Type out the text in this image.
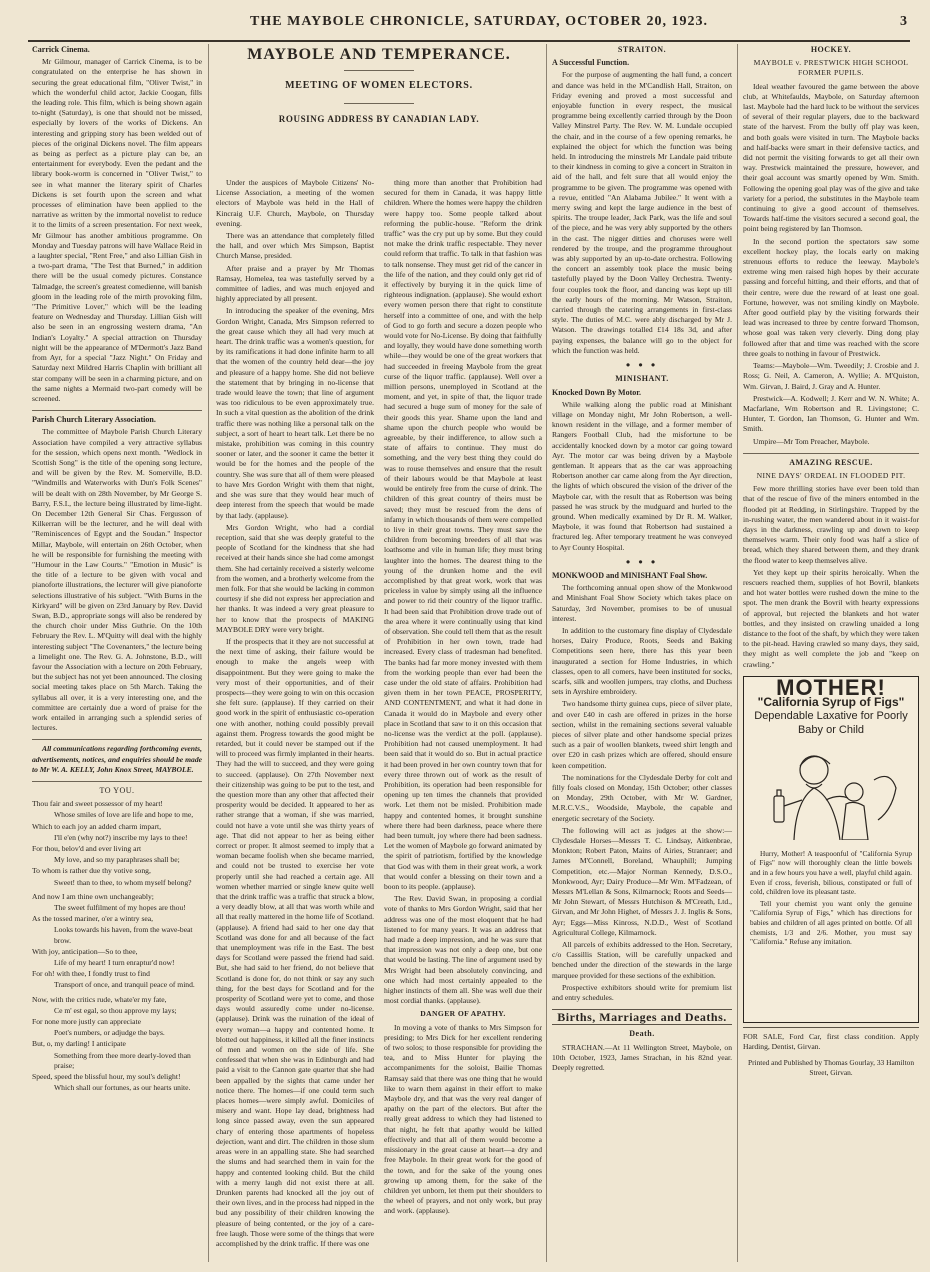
THE MAYBOLE CHRONICLE, SATURDAY, OCTOBER 20, 1923.	3
Carrick Cinema.

Mr Gilmour, manager of Carrick Cinema, is to be congratulated on the enterprise he has shown in securing the great educational film, "Oliver Twist," in which the wonderful child actor, Jackie Coogan, fills the leading role. This film, which is being shown again to-night (Saturday), is one that should not be missed, especially by lovers of the works of Dickens. An interesting and gripping story has been welded out of pieces of the original Dickens novel. The film appears as being as perfect as a picture play can be, an entertainment for everybody. Even the pedant and the library book-worm is concerned in "Oliver Twist," to see in what manner the literary spirit of Charles Dickens is set fourth upon the screen and what processes of elimination have been applied to the narrative as written by the immortal novelist to reduce it to the limits of a screen presentation. For next week, Mr Gilmour has another ambitious programme. On Monday and Tuesday patrons will have Wallace Reid in a laughter special, "Rent Free," and also Lillian Gish in a two-part drama, "The Test that Burned," in addition there will be the usual comedy pictures. Constance Talmadge, the screen's greatest comedienne, will banish gloom in the leading role of the mirth provoking film, "The Primitive Lover," which will be the leading feature on Wednesday and Thursday. Lillian Gish will also be seen in an engrossing western drama, "An Indian's Loyalty." A special attraction on Thursday night will be the appearance of M'Dermott's Jazz Band from Ayr, for a special "Jazz Night." On Friday and Saturday next Mildred Harris Chaplin with brilliant all star company will be seen in a charming picture, and on the same nights a Mermaid two-part comedy will be screened.

Parish Church Literary Association.

The committee of Maybole Parish Church Literary Association have compiled a very attractive syllabus for the session, which opens next month. "Wedlock in Scottish Song" is the title of the opening song lecture, and will be given by the Rev. M. Somerville, B.D. "Windmills and Waterworks with Dun's Folk Scenes" will be dealt with on 28th November, by Mr George S. Barry, F.S.I., the lecture being illustrated by lime-light. On December 12th General Sir Chas. Fergusson of Kilkerran will be the lecturer, and he will deal with "Reminiscences of Egypt and the Soudan." Inspector Millar, Maybole, will entertain on 26th October, when he will be responsible for furnishing the meeting with "Humour in the Law Courts." "Emotion in Music" is the title of a lecture to be given with vocal and pianoforte illustrations, the lecturer will give pianoforte selections illustrative of his subject. "With Burns in the Kirkyard" will be given on 23rd January by Rev. David Swan, B.D., appropriate songs will also be rendered by the church choir under Miss Guthrie. On the 10th February the Rev. L. M'Quitty will deal with the highly interesting subject "The Covenanters," the lecture being a limelight one. The Rev. G. A. Johnstone, B.D., will favour the Association with a lecture on 20th February, but the subject has not yet been announced. The closing social meeting takes place on 5th March. Taking the syllabus all over, it is a very interesting one, and the committee are certainly due a word of praise for the work entailed in arranging such a splendid series of lectures.

All communications regarding forthcoming events, advertisements, notices, and enquiries should be made to Mr W. A. KELLY, John Knox Street, MAYBOLE.

TO YOU.

Thou fair and sweet possessor of my heart!

Whose smiles of love are life and hope to me,

Which to each joy an added charm impart,

I'll e'en (why not?) inscribe my lays to thee!

For thou, belov'd and ever living art

My love, and so my paraphrases shall be;

To whom is rather due thy votive song,

Sweet! than to thee, to whom myself belong?

And now I am thine own unchangeably;

The sweet fulfilment of my hopes are thou!

As the tossed mariner, o'er a wintry sea,

Looks towards his haven, from the wave-beat brow.

With joy, anticipation—So to thee,

Life of my heart! I turn enraptur'd now!

For oh! with thee, I fondly trust to find

Transport of once, and tranquil peace of mind.

Now, with the critics rude, whate'er my fate,

Ce m' est egal, so thou approve my lays;

For none more justly can appreciate

Poet's numbers, or adjudge the bays.

But, o, my darling! I anticipate

Something from thee more dearly-loved than praise;

Speed, speed the blissful hour, my soul's delight!

Which shall our fortunes, as our hearts unite.

MAYBOLE AND TEMPERANCE.
MEETING OF WOMEN ELECTORS.
ROUSING ADDRESS BY CANADIAN LADY.

Under the auspices of Maybole Citizens' No-License Association, a meeting of the women electors of Maybole was held in the Hall of Kincraig U.F. Church, Maybole, on Thursday evening.

There was an attendance that completely filled the hall, and over which Mrs Simpson, Baptist Church Manse, presided.

After praise and a prayer by Mr Thomas Ramsay, Homelea, tea was tastefully served by a committee of ladies, and was much enjoyed and highly appreciated by all present.

In introducing the speaker of the evening, Mrs Gordon Wright, Canada, Mrs Simpson referred to the great cause which they all had very much at heart. The drink traffic was a women's question, for by its ramifications it had done infinite harm to all that the women of the country held dear—the joy and pleasure of a happy home. She did not believe the statement that by bringing in no-license that trade would leave the town; that line of argument was too ridiculous to be even approximately true. In such a vital question as the abolition of the drink traffic there was nothing like a personal talk on the subject, a sort of heart to heart talk. Let there be no mistake, prohibition was coming in this country sooner or later, and the sooner it came the better it would be for the homes and the people of the country. She was sure that all of them were pleased to have Mrs Gordon Wright with them that night, and she was sure that they would hear much of deep interest from the speech that would be made by that lady. (applause).

Mrs Gordon Wright, who had a cordial reception, said that she was deeply grateful to the people of Scotland for the kindness that she had received at their hands since she had come amongst them. She had certainly received a sisterly welcome from the women, and a brotherly welcome from the men folk. For that she would be lacking in common courtesy if she did not express her appreciation and her thanks. It was indeed a very great pleasure to her to know that the prospects of MAKING MAYBOLE DRY were very bright.

If the prospects that it they are not successful at the next time of asking, their failure would be enough to make the angels weep with disappointment. But they were going to make the very most of their opportunities, and of their prospects—they were going to win on this occasion she felt sure. (applause). If they carried on their good work in the spirit of enthusiastic co-operation one with another, nothing could possibly prevail against them. Progress towards the good might be retarded, but it could never be stamped out if the will to proceed was firmly implanted in their hearts. They had the will to succeed, and they were going to succeed. (applause). On 27th November next their citizenship was going to be put to the test, and the question more than any other that affected their prosperity would be decided. It appeared to her as rather strange that a woman, if she was married, could not have a vote until she was thirty years of age. That did not appear to her as being either correct or proper. It almost seemed to imply that a woman became foolish when she became married, and could not be trusted to exercise her vote properly until she had reached a certain age. All women whether married or single knew quite well that the drink traffic was a traffic that struck a blow, a very deadly blow, at all that was worth while and all that really mattered in the home life of Scotland. (applause). A friend had said to her one day that Scotland was done for and all because of the fact that unemployment was rife in the East. The best days for Scotland were passed the friend had said. But, she had said to her friend, do not believe that Scotland is done for, do not think or say any such thing, for the best days for Scotland and for the prosperity of Scotland were yet to come, and those days would assuredly come under no-license. (applause). Drink was the ruination of the ideal of every woman—a happy and contented home. It blotted out happiness, it killed all the finer instincts of men and women on the side of life. She confessed that when she was in Edinburgh and had paid a visit to the Cannon gate quarter that she had been appalled by the sights that came under her notice there. The homes—if one could term such places homes—were simply awful. Domiciles of misery and want. Hope lay dead, brightness had long since passed away, even the sun appeared chary of entering those apartments of hopeless dejection, want and dirt. The children in those slum areas were in an appalling state. She had searched the slums and had searched them in vain for the happy and contented looking child. But the child with a merry laugh did not exist there at all. Drunken parents had knocked all the joy out of their own lives, and in the process had nipped in the bud any possibility of their children knowing the pleasure of being contented, or the joy of a care-free laugh. Those were some of the things that were accomplished by the drink traffic. If there was one

thing more than another that Prohibition had secured for them in Canada, it was happy little children. Where the homes were happy the children were happy too. Some people talked about reforming the public-house. "Reform the drink traffic" was the cry put up by some. But they could not make the drink traffic respectable. They never could reform that traffic. To talk in that fashion was to talk nonsense. They must get rid of the cancer in the life of the nation, and they could only get rid of it effectively by burying it in the quick lime of righteous indignation. (applause). She would exhort every women person there that right to constitute herself into a committee of one, and with the help of God to go forth and secure a dozen people who would vote for No-License. By doing that faithfully and loyally, they would have done something worth while—they would be one of the great workers that had succeeded in freeing Maybole from the great curse of the liquor traffic. (applause). Well over a million persons, unemployed in Scotland at the moment, and yet, in spite of that, the liquor trade had secured a huge sum of money for the sale of their goods this year. Shame upon the land and shame upon the church people who would be agreeable, by their indifference, to allow such a state of affairs to continue. They must do something, and the very best thing they could do was to rouse themselves and ensure that the result of their labours would be that Maybole at least would be entirely free from the curse of drink. The children of this great country of theirs must be saved; they must be rescued from the dens of infamy in which thousands of them were compelled to live in their great towns. They must save the children from becoming breeders of all that was loathsome and vile in human life; they must bring laughter into the homes. The dearest thing to the young of the drunken home and the evil accomplished by that great work, work that was priceless in value by simply using all the influence and power to rid their country of the liquor traffic. It had been said that Prohibition drove trade out of the area where it were continually using that kind of observation. She could tell them that as the result of Prohibition in her own town, trade had increased. Every class of tradesman had benefited. The banks had far more money invested with them from the working people than ever had been the case under the old state of affairs. Prohibition had given them in her town PEACE, PROSPERITY, AND CONTENTMENT, and what it had done in Canada it would do in Maybole and every other place in Scotland that saw to it on this occasion that no-license was the verdict at the poll. (applause). Prohibition had not caused unemployment. It had been said that it would do so. But in actual practice it had been proved in her own country town that for every three thrown out of work as the result of Prohibition, its operation had been responsible for opening up ten times the channels that provided work. Let them not be misled. Prohibition made happy and contented homes, it brought sunshine where there had been darkness, peace where there had been tumult, joy where there had been sadness. Let the women of Maybole go forward animated by the spirit of patriotism, fortified by the knowledge that God was with them in their great work, a work that would confer a blessing on their town and a boon to its people. (applause).

The Rev. David Swan, in proposing a cordial vote of thanks to Mrs Gordon Wright, said that her address was one of the most eloquent that he had listened to for many years. It was an address that had made a deep impression, and he was sure that that impression was not only a deep one, but one that would be lasting. The line of argument used by Mrs Wright had been absolutely convincing, and one which had most certainly appealed to the higher instincts of them all. She was well due their most cordial thanks. (applause).

DANGER OF APATHY.

In moving a vote of thanks to Mrs Simpson for presiding; to Mrs Dick for her excellent rendering of two solos; to those responsible for providing the tea, and to Miss Hunter for playing the accompaniments for the soloist, Bailie Thomas Ramsay said that there was one thing that he would like to warn them against in their effort to make Maybole dry, and that was the very real danger of apathy on the part of the electors. But after the really great address to which they had listened to that night, he felt that apathy would be killed effectively and that all of them would become a missionary in the great cause at heart—a dry and free Maybole. In their great work for the good of the town, and for the sake of the young ones growing up among them, for the sake of the children yet unborn, let them put their shoulders to the wheel of prayers, and not only work, but pray and work. (applause).

STRAITON.
A Successful Function.

For the purpose of augmenting the hall fund, a concert and dance was held in the M'Candlish Hall, Straiton, on Friday evening and proved a most successful and enjoyable function in every respect, the musical programme being excellently carried through by the Doon Valley Minstrel Party. The Rev. W. M. Lundale occupied the chair, and in the course of a few opening remarks, he explained the object for which the function was being held. In introducing the minstrels Mr Landale paid tribute to their kindness in coming to give a concert in Straiton in aid of the hall, and felt sure that all would enjoy the programme to be given. The programme was opened with a revue, entitled "An Alabama Jubilee." It went with a merry swing and kept the large audience in the best of spirits. The troupe leader, Jack Park, was the life and soul of the piece, and he was very ably supported by the others in the cast. The nigger ditties and choruses were well rendered by the troupe, and the programme throughout was ably supported by an up-to-date orchestra. Following the concert an assembly took place the music being tastefully played by the Doon Valley Orchestra. Twenty-four couples took the floor, and dancing was kept up till the early hours of the morning. Mr Watson, Straiton, carried through the catering arrangements in first-class style. The duties of M.C. were ably discharged by Mr J. Watson. The drawings totalled £14 18s 3d, and after paying expenses, the balance will go to the object for which the function was held.

● ● ●
MINISHANT.
Knocked Down By Motor.

While walking along the public road at Minishant village on Monday night, Mr John Robertson, a well-known resident in the village, and a former member of Rangers Football Club, had the misfortune to be accidentally knocked down by a motor car going toward Ayr. The motor car was being driven by a Maybole gentleman. It appears that as the car was approaching Robertson another car came along from the Ayr direction, the lights of which obscured the vision of the driver of the Maybole car, with the result that as Robertson was being passed he was struck by the mudguard and hurled to the ground. When medically examined by Dr R. M. Walker, Maybole, it was found that Robertson had sustained a fractured leg. After temporary treatment he was conveyed to Ayr County Hospital.

● ● ●
MONKWOOD and MINISHANT Foal Show.

The forthcoming annual open show of the Monkwood and Minishant Foal Show Society which takes place on Saturday, 3rd November, promises to be of unusual interest.

In addition to the customary fine display of Clydesdale horses, Dairy Produce, Roots, Seeds and Baking Competitions seen here, there has this year been inaugurated a section for Home Industries, in which classes, open to all comers, have been instituted for socks, scarfs, silk and woollen jumpers, tray cloths, and Duchess sets in Ayrshire embroidery.

Two handsome thirty guinea cups, piece of silver plate, and over £40 in cash are offered in prizes in the horse section, whilst in the remaining sections several valuable pieces of silver plate and other handsome special prizes such as a pair of woollen blankets, tweed shirt length and over £20 in cash prizes which are offered, should ensure keen competition.

The nominations for the Clydesdale Derby for colt and filly foals closed on Monday, 15th October; other classes on Monday, 29th October, with Mr W. Gardner, M.R.C.V.S., Woodside, Maybole, the capable and energetic secretary of the Society.

The following will act as judges at the show:—Clydesdale Horses—Messrs T. C. Lindsay, Aitkenbrae, Monkton; Robert Paton, Mains of Airies, Stranraer; and James M'Connell, Boreland, Whauphill; Jumping Competition, etc.—Major Norman Kennedy, D.S.O., Monkwood, Ayr; Dairy Produce—Mr Wm. M'Fadzean, of Messrs M'Lellan & Sons, Kilmarnock; Roots and Seeds—Mr John Stewart, of Messrs Hutchison & M'Creath, Ltd., Girvan, and Mr John Highet, of Messrs J. J. Inglis & Sons, Ayr; Eggs—Miss Kinross, N.D.D., West of Scotland Agricultural College, Kilmarnock.

All parcels of exhibits addressed to the Hon. Secretary, c/o Cassillis Station, will be carefully unpacked and benched under the direction of the stewards in the large marquee provided for these sections of the exhibition.

Prospective exhibitors should write for premium list and entry schedules.

Births, Marriages and Deaths.
Death.

STRACHAN.—At 11 Wellington Street, Maybole, on 10th October, 1923, James Strachan, in his 82nd year. Deeply regretted.

HOCKEY.
MAYBOLE v. PRESTWICK HIGH SCHOOL FORMER PUPILS.

Ideal weather favoured the game between the above club, at Whitefaulds, Maybole, on Saturday afternoon last. Maybole had the hard luck to be without the services of several of their regular players, due to the backward state of the harvest. From the bully off play was keen, and both goals were visited in turn. The Maybole backs and half-backs were smart in their defensive tactics, and did not permit the visiting forwards to get all their own way. Prestwick maintained the pressure, however, and their goal account was smartly opened by Wm. Smith. Following the opening goal play was of the give and take variety for a period, the substitutes in the Maybole team continuing to give a good account of themselves. Towards half-time the visitors secured a second goal, the point being registered by Ian Thomson.

In the second portion the spectators saw some excellent hockey play, the locals early on making strenuous efforts to reduce the leeway. Maybole's extreme wing men raised high hopes by their accurate passing and forceful hitting, and their efforts, and that of their centre, were due the reward of at least one goal. Fortune, however, was not smiling kindly on Maybole. After good outfield play by the visiting forwards their lead was increased to three by centre forward Thomson, whose goal was taken very cleverly. Ding dong play followed after that and time was reached with the score three goals to nothing in favour of Prestwick.

Teams:—Maybole—Wm. Tweedily; J. Crosbie and J. Ross; G. Neil, A. Cameron, A. Wyllie; A. M'Quiston, Wm. Girvan, J. Baird, J. Gray and A. Hunter.

Prestwick—A. Kodwell; J. Kerr and W. N. White; A. Macfarlane, Wm Robertson and R. Livingstone; C. Hunter, T. Gordon, Ian Thomson, G. Hunter and Wm. Smith.

Umpire—Mr Tom Preacher, Maybole.

AMAZING RESCUE.
NINE DAYS' ORDEAL IN FLOODED PIT.

Few more thrilling stories have ever been told than that of the rescue of five of the miners entombed in the flooded pit at Redding, in Stirlingshire. Trapped by the in-rushing water, the men wandered about in it waist-for days in the darkness, crawling up and down to keep themselves warm. Their only food was half a slice of bread, which they shared between them, and they drank the flood water to keep themselves alive.

Yet they kept up their spirits heroically. When the rescuers reached them, supplies of hot Bovril, blankets and hot water bottles were rushed down the mine to the spot. The men drank the Bovril with hearty expressions of approval, but rejected the blankets and hot water bottles, and they insisted on crawling unaided a long distance to the foot of the shaft, by which they were taken to the pit-head. Having crawled so many days, they said, they might as well complete the job and "keep on crawling."

MOTHER!
"California Syrup of Figs"
Dependable Laxative for Poorly
Baby or Child

Hurry, Mother! A teaspoonful of "California Syrup of Figs" now will thoroughly clean the little bowels and in a few hours you have a well, playful child again. Even if cross, feverish, bilious, constipated or full of cold, children love its pleasant taste.

Tell your chemist you want only the genuine "California Syrup of Figs," which has directions for babies and children of all ages printed on bottle. Of all chemists, 1/3 and 2/6. Mother, you must say "California." Refuse any imitation.

FOR SALE, Ford Car, first class condition. Apply Harding, Dentist, Girvan.

Printed and Published by Thomas Gourlay, 33 Hamilton Street, Girvan.
